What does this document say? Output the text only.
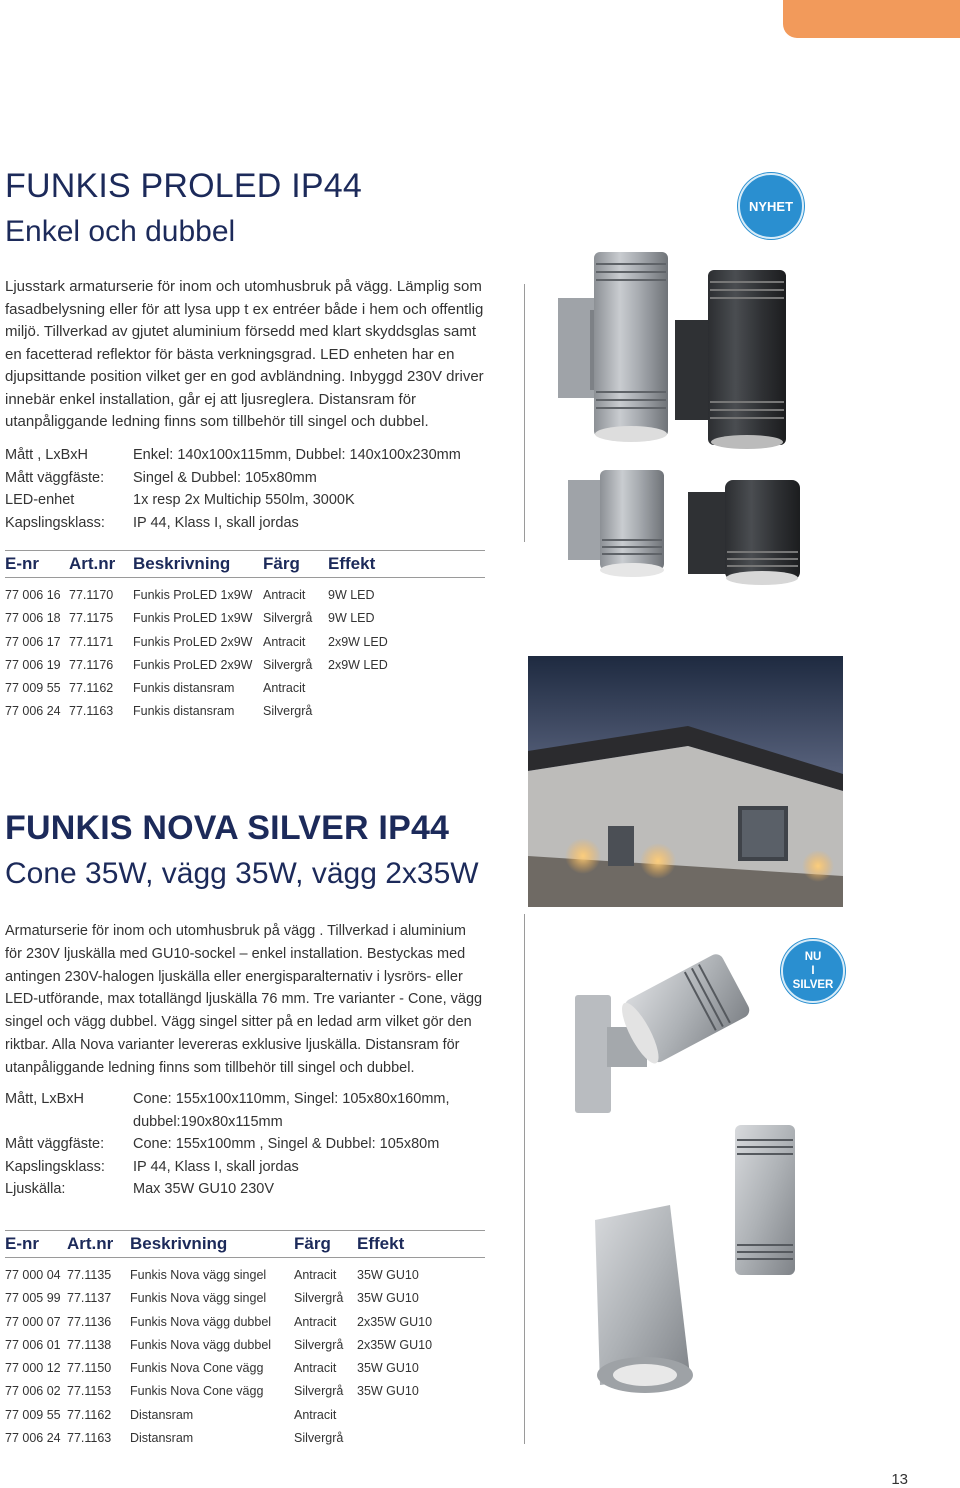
FUNKIS PROLED IP44
Enkel och dubbel
NYHET

Ljusstark armaturserie för inom och utomhusbruk på vägg. Lämplig som fasadbelysning eller för att lysa upp t ex entréer både i hem och offentlig miljö. Tillverkad av gjutet aluminium försedd med klart skyddsglas samt en facetterad reflektor för bästa verkningsgrad. LED enheten har en djupsittande position vilket ger en god avbländning. Inbyggd 230V driver innebär enkel installation, går ej att ljusreglera. Distansram för utanpåliggande ledning finns som tillbehör till singel och dubbel.

Mått , LxBxH	Enkel: 140x100x115mm, Dubbel: 140x100x230mm
Mått väggfäste:	Singel & Dubbel: 105x80mm
LED-enhet	1x resp 2x Multichip 550lm, 3000K
Kapslingsklass:	IP 44, Klass I, skall jordas
E-nr	Art.nr	Beskrivning	Färg	Effekt
77 006 16 77.1170	Funkis ProLED 1x9W Antracit	9W LED
77 006 18 77.1175	Funkis ProLED 1x9W Silvergrå	9W LED
77 006 17 77.1171	Funkis ProLED 2x9W Antracit	2x9W LED
77 006 19 77.1176	Funkis ProLED 2x9W Silvergrå	2x9W LED
77 009 55 77.1162	Funkis distansram	Antracit
77 006 24 77.1163	Funkis distansram	Silvergrå
FUNKIS NOVA SILVER IP44
Cone 35W, vägg 35W, vägg 2x35W
NU
I
SILVER

Armaturserie för inom och utomhusbruk på vägg . Tillverkad i aluminium för 230V ljuskälla med GU10-sockel – enkel installation. Bestyckas med antingen 230V-halogen ljuskälla eller energisparalternativ i lysrörs- eller LED-utförande, max totallängd ljuskälla 76 mm. Tre varianter - Cone, vägg singel och vägg dubbel. Vägg singel sitter på en ledad arm vilket gör den riktbar. Alla Nova varianter levereras exklusive ljuskälla. Distansram för utanpåliggande ledning finns som tillbehör till singel och dubbel.

Mått, LxBxH	Cone: 155x100x110mm, Singel: 105x80x160mm,
dubbel:190x80x115mm
Mått väggfäste:	Cone: 155x100mm , Singel & Dubbel: 105x80m
Kapslingsklass:	IP 44, Klass I, skall jordas
Ljuskälla:	Max 35W GU10 230V
E-nr	Art.nr Beskrivning	Färg	Effekt
77 000 04 77.1135	Funkis Nova vägg singel	Antracit	35W GU10
77 005 99 77.1137	Funkis Nova vägg singel	Silvergrå	35W GU10
77 000 07 77.1136	Funkis Nova vägg dubbel	Antracit	2x35W GU10
77 006 01 77.1138	Funkis Nova vägg dubbel	Silvergrå	2x35W GU10
77 000 12 77.1150	Funkis Nova Cone vägg	Antracit	35W GU10
77 006 02 77.1153	Funkis Nova Cone vägg	Silvergrå	35W GU10
77 009 55 77.1162	Distansram	Antracit
77 006 24 77.1163	Distansram	Silvergrå
13
